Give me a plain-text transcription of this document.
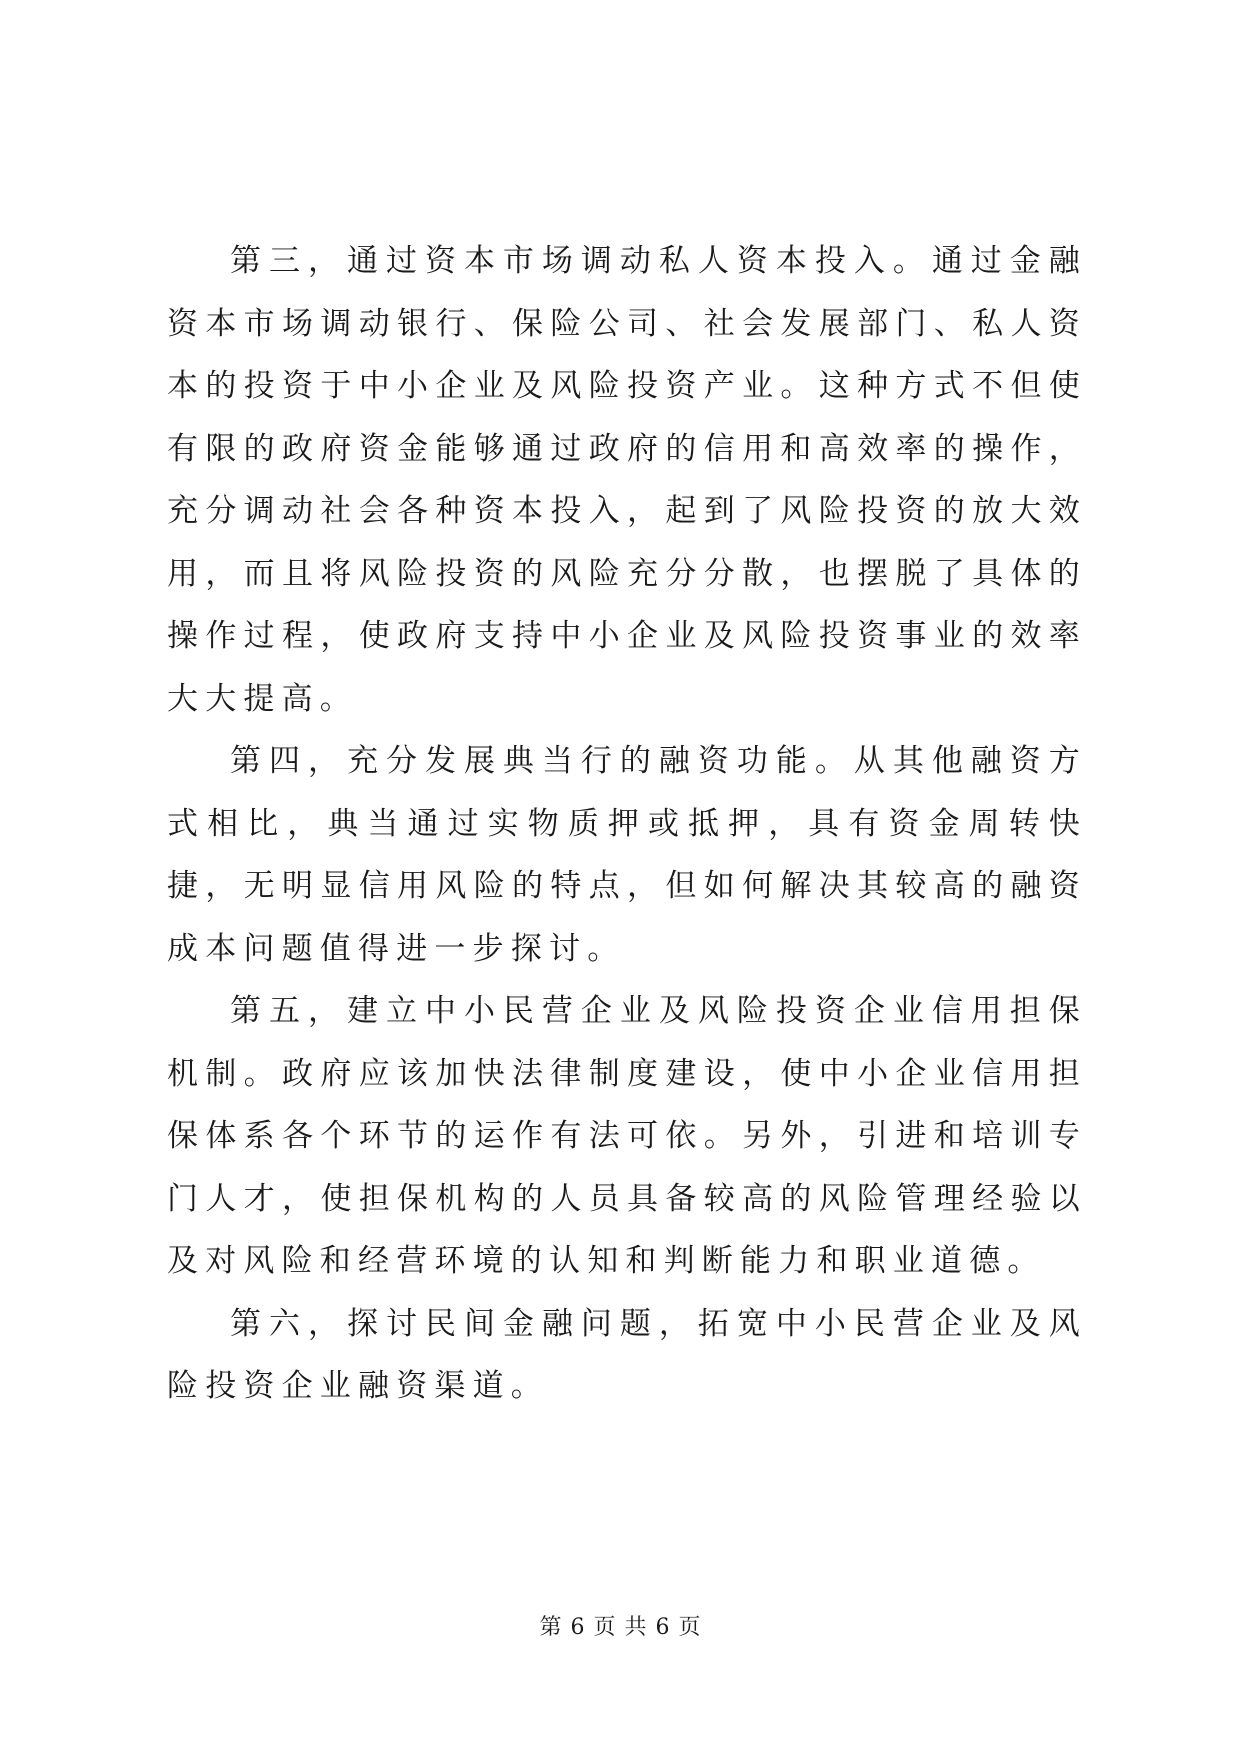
第三，通过资本市场调动私人资本投入。通过金融资本市场调动银行、保险公司、社会发展部门、私人资本的投资于中小企业及风险投资产业。这种方式不但使有限的政府资金能够通过政府的信用和高效率的操作，充分调动社会各种资本投入，起到了风险投资的放大效用，而且将风险投资的风险充分分散，也摆脱了具体的操作过程，使政府支持中小企业及风险投资事业的效率大大提高。

第四，充分发展典当行的融资功能。从其他融资方式相比，典当通过实物质押或抵押，具有资金周转快捷，无明显信用风险的特点，但如何解决其较高的融资成本问题值得进一步探讨。

第五，建立中小民营企业及风险投资企业信用担保机制。政府应该加快法律制度建设，使中小企业信用担保体系各个环节的运作有法可依。另外，引进和培训专门人才，使担保机构的人员具备较高的风险管理经验以及对风险和经营环境的认知和判断能力和职业道德。

第六，探讨民间金融问题，拓宽中小民营企业及风险投资企业融资渠道。

第 6 页 共 6 页
